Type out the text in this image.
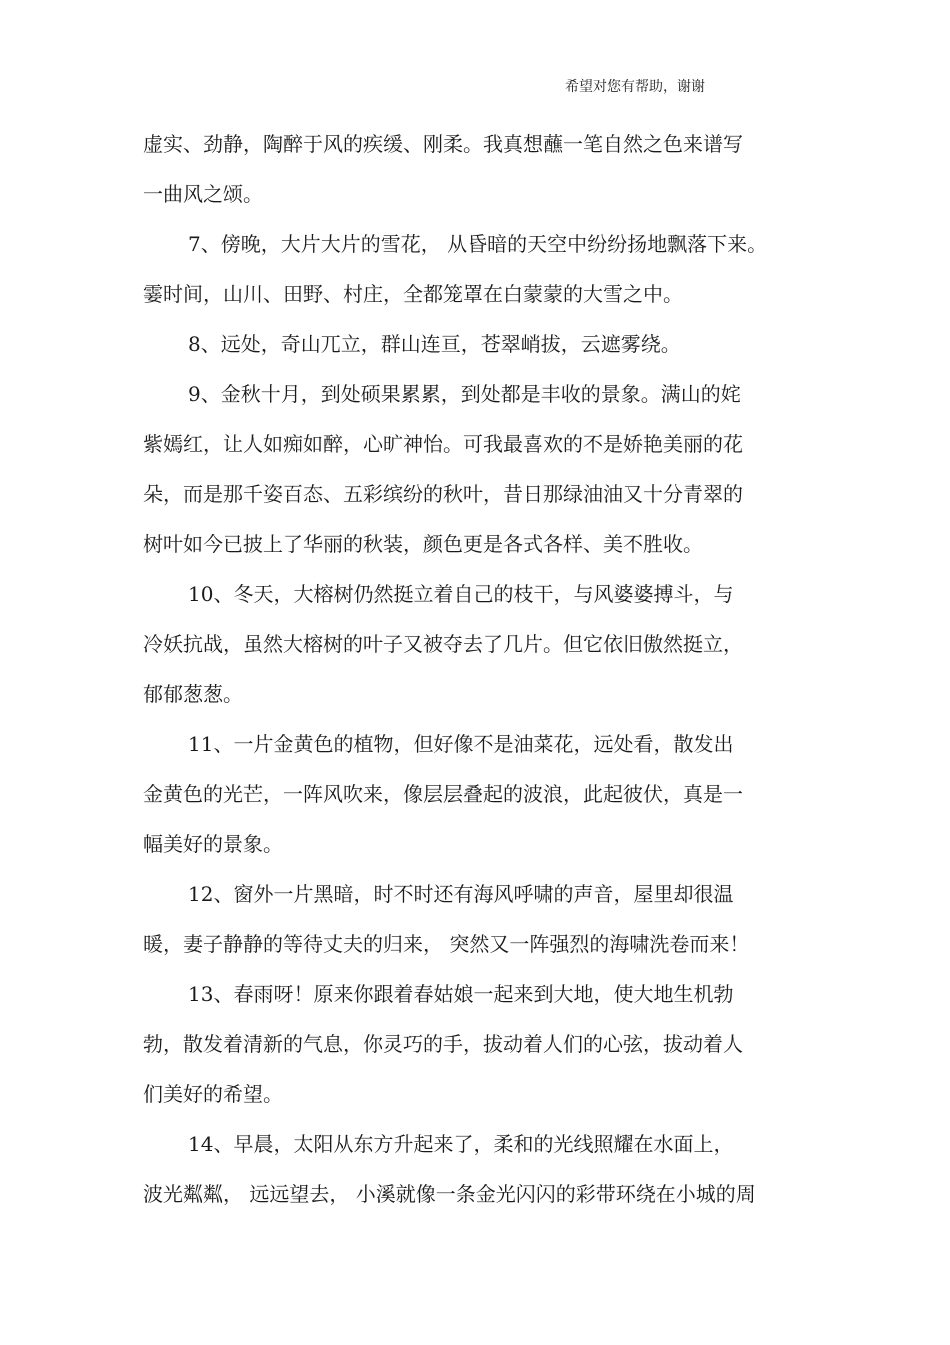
希望对您有帮助，谢谢
虚实、劲静，陶醉于风的疾缓、刚柔。我真想蘸一笔自然之色来谱写
一曲风之颂。
7、傍晚，大片大片的雪花， 从昏暗的天空中纷纷扬地飘落下来。
霎时间，山川、田野、村庄，全都笼罩在白蒙蒙的大雪之中。
8、远处，奇山兀立，群山连亘，苍翠峭拔，云遮雾绕。
9、金秋十月，到处硕果累累，到处都是丰收的景象。满山的姹
紫嫣红，让人如痴如醉，心旷神怡。可我最喜欢的不是娇艳美丽的花
朵，而是那千姿百态、五彩缤纷的秋叶，昔日那绿油油又十分青翠的
树叶如今已披上了华丽的秋装，颜色更是各式各样、美不胜收。
10、冬天，大榕树仍然挺立着自己的枝干，与风婆婆搏斗，与
冷妖抗战，虽然大榕树的叶子又被夺去了几片。但它依旧傲然挺立，
郁郁葱葱。
11、一片金黄色的植物，但好像不是油菜花，远处看，散发出
金黄色的光芒，一阵风吹来，像层层叠起的波浪，此起彼伏，真是一
幅美好的景象。
12、窗外一片黑暗，时不时还有海风呼啸的声音，屋里却很温
暖，妻子静静的等待丈夫的归来， 突然又一阵强烈的海啸洗卷而来！
13、春雨呀！原来你跟着春姑娘一起来到大地，使大地生机勃
勃，散发着清新的气息，你灵巧的手，拔动着人们的心弦，拔动着人
们美好的希望。
14、早晨，太阳从东方升起来了，柔和的光线照耀在水面上，
波光粼粼， 远远望去， 小溪就像一条金光闪闪的彩带环绕在小城的周
